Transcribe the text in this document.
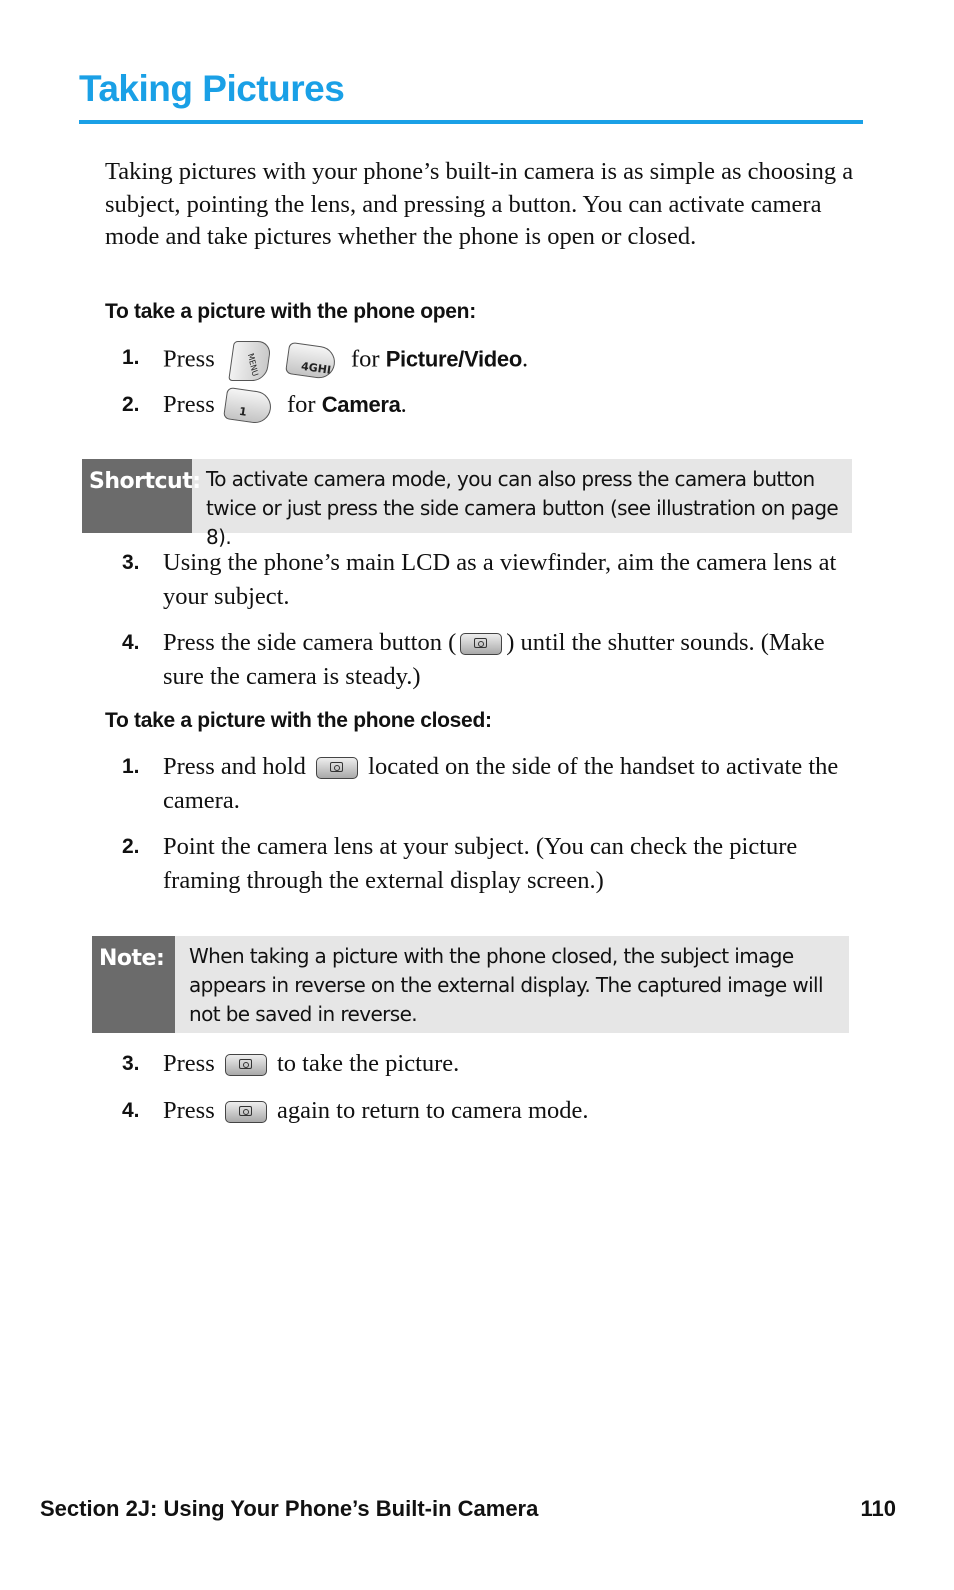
Taking Pictures
Taking pictures with your phone’s built-in camera is as simple as choosing a subject, pointing the lens, and pressing a button. You can activate camera mode and take pictures whether the phone is open or closed.
To take a picture with the phone open:
1. Press	MENU	4GHI for Picture/Video.
2. Press 1 for Camera.
Shortcut: To activate camera mode, you can also press the camera button twice or just press the side camera button (see illustration on page 8).
3. Using the phone’s main LCD as a viewfinder, aim the camera lens at your subject.
4. Press the side camera button ( ) until the shutter sounds. (Make sure the camera is steady.)
To take a picture with the phone closed:
1. Press and hold	located on the side of the handset to activate the camera.
2. Point the camera lens at your subject. (You can check the picture framing through the external display screen.)
Note:	When taking a picture with the phone closed, the subject image appears in reverse on the external display. The captured image will not be saved in reverse.
3. Press	to take the picture.
4. Press	again to return to camera mode.
Section 2J: Using Your Phone’s Built-in Camera	110
